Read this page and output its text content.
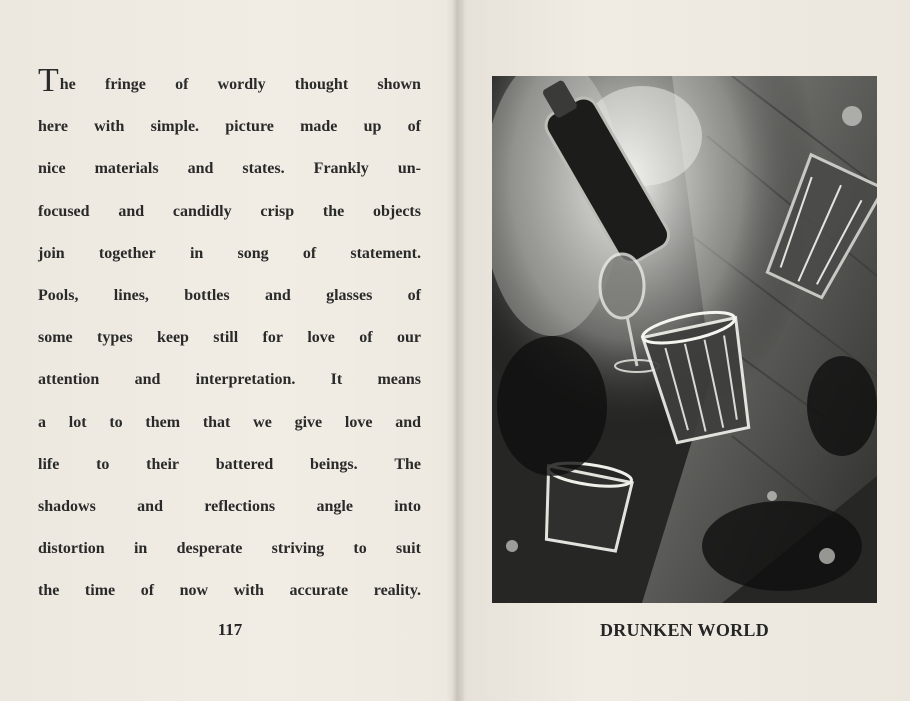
The fringe of wordly thought shown
here with simple. picture made up of
nice materials and states. Frankly un-
focused and candidly crisp the objects
join together in song of statement.
Pools, lines, bottles and glasses of
some types keep still for love of our
attention and interpretation. It means
a lot to them that we give love and
life to their battered beings. The
shadows	and	reflections	angle	into
distortion in desperate striving to suit
the time of now with accurate reality.
117	DRUNKEN WORLD
